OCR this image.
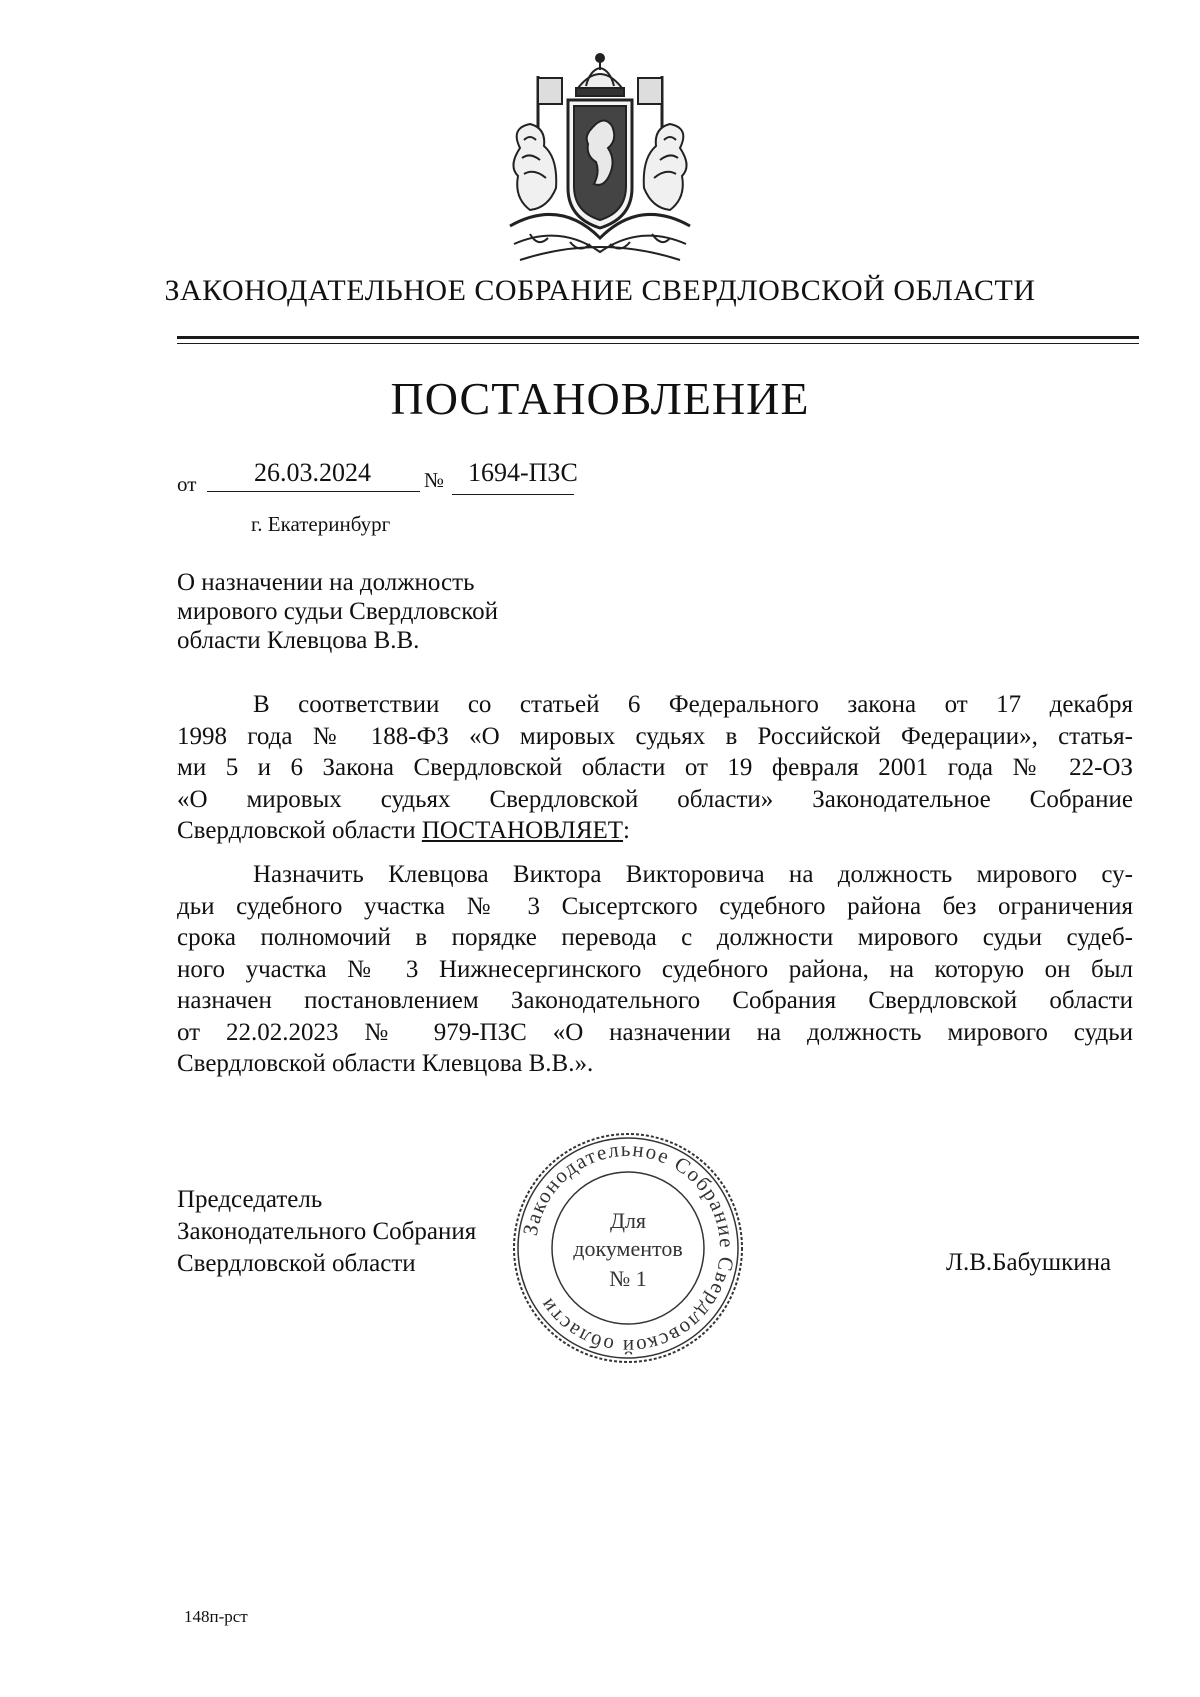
ЗАКОНОДАТЕЛЬНОЕ СОБРАНИЕ СВЕРДЛОВСКОЙ ОБЛАСТИ
ПОСТАНОВЛЕНИЕ
от 26.03.2024	№ 1694-ПЗС
г. Екатеринбург
О назначении на должность
мирового судьи Свердловской
области Клевцова В.В.
В соответствии со статьей 6 Федерального закона от 17 декабря
1998 года № 188-ФЗ «О мировых судьях в Российской Федерации», статья-
ми 5 и 6 Закона Свердловской области от 19 февраля 2001 года № 22-ОЗ
«О мировых судьях Свердловской области» Законодательное Собрание
Свердловской области ПОСТАНОВЛЯЕТ:
Назначить Клевцова Виктора Викторовича на должность мирового су-
дьи судебного участка № 3 Сысертского судебного района без ограничения
срока полномочий в порядке перевода с должности мирового судьи судеб-
ного участка № 3 Нижнесергинского судебного района, на которую он был
назначен постановлением Законодательного Собрания Свердловской области
от 22.02.2023 № 979-ПЗС «О назначении на должность мирового судьи
Свердловской области Клевцова В.В.».
Председатель
Законодательного Собрания
Свердловской области	Л.В.Бабушкина
Законодательное Собрание Свердловской области
Для
документов
№ 1
148п-рст
